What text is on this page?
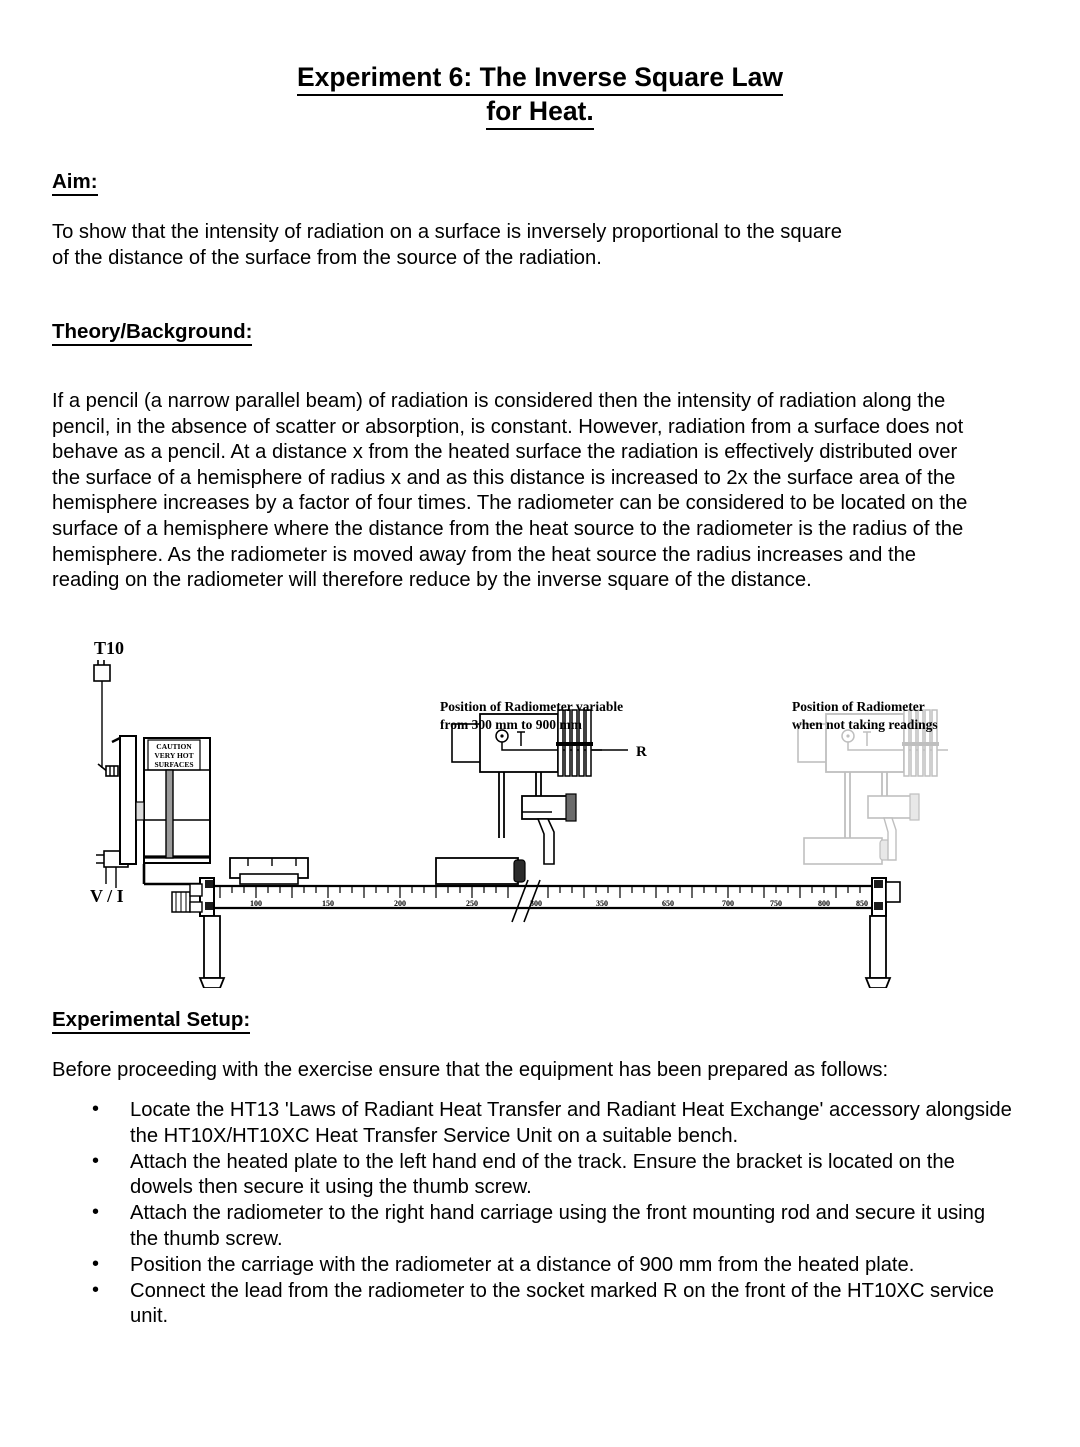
Experiment 6: The Inverse Square Law
for Heat.
Aim:
To show that the intensity of radiation on a surface is inversely proportional to the square of the distance of the surface from the source of the radiation.
Theory/Background:
If a pencil (a narrow parallel beam) of radiation is considered then the intensity of radiation along the pencil, in the absence of scatter or absorption, is constant. However, radiation from a surface does not behave as a pencil. At a distance x from the heated surface the radiation is effectively distributed over the surface of a hemisphere of radius x and as this distance is increased to 2x the surface area of the hemisphere increases by a factor of four times. The radiometer can be considered to be located on the surface of a hemisphere where the distance from the heat source to the radiometer is the radius of the hemisphere. As the radiometer is moved away from the heat source the radius increases and the reading on the radiometer will therefore reduce by the inverse square of the distance.
T10
V / I
CAUTION
VERY HOT
SURFACES
R
100	150	200	250	300	350	650	700	750	800	850
Position of Radiometer variable
from 300 mm to 900 mm
Position of Radiometer
when not taking readings
Experimental Setup:
Before proceeding with the exercise ensure that the equipment has been prepared as follows:
• Locate the HT13 'Laws of Radiant Heat Transfer and Radiant Heat Exchange' accessory alongside the HT10X/HT10XC Heat Transfer Service Unit on a suitable bench.
• Attach the heated plate to the left hand end of the track. Ensure the bracket is located on the dowels then secure it using the thumb screw.
• Attach the radiometer to the right hand carriage using the front mounting rod and secure it using the thumb screw.
• Position the carriage with the radiometer at a distance of 900 mm from the heated plate.
• Connect the lead from the radiometer to the socket marked R on the front of the HT10XC service unit.
